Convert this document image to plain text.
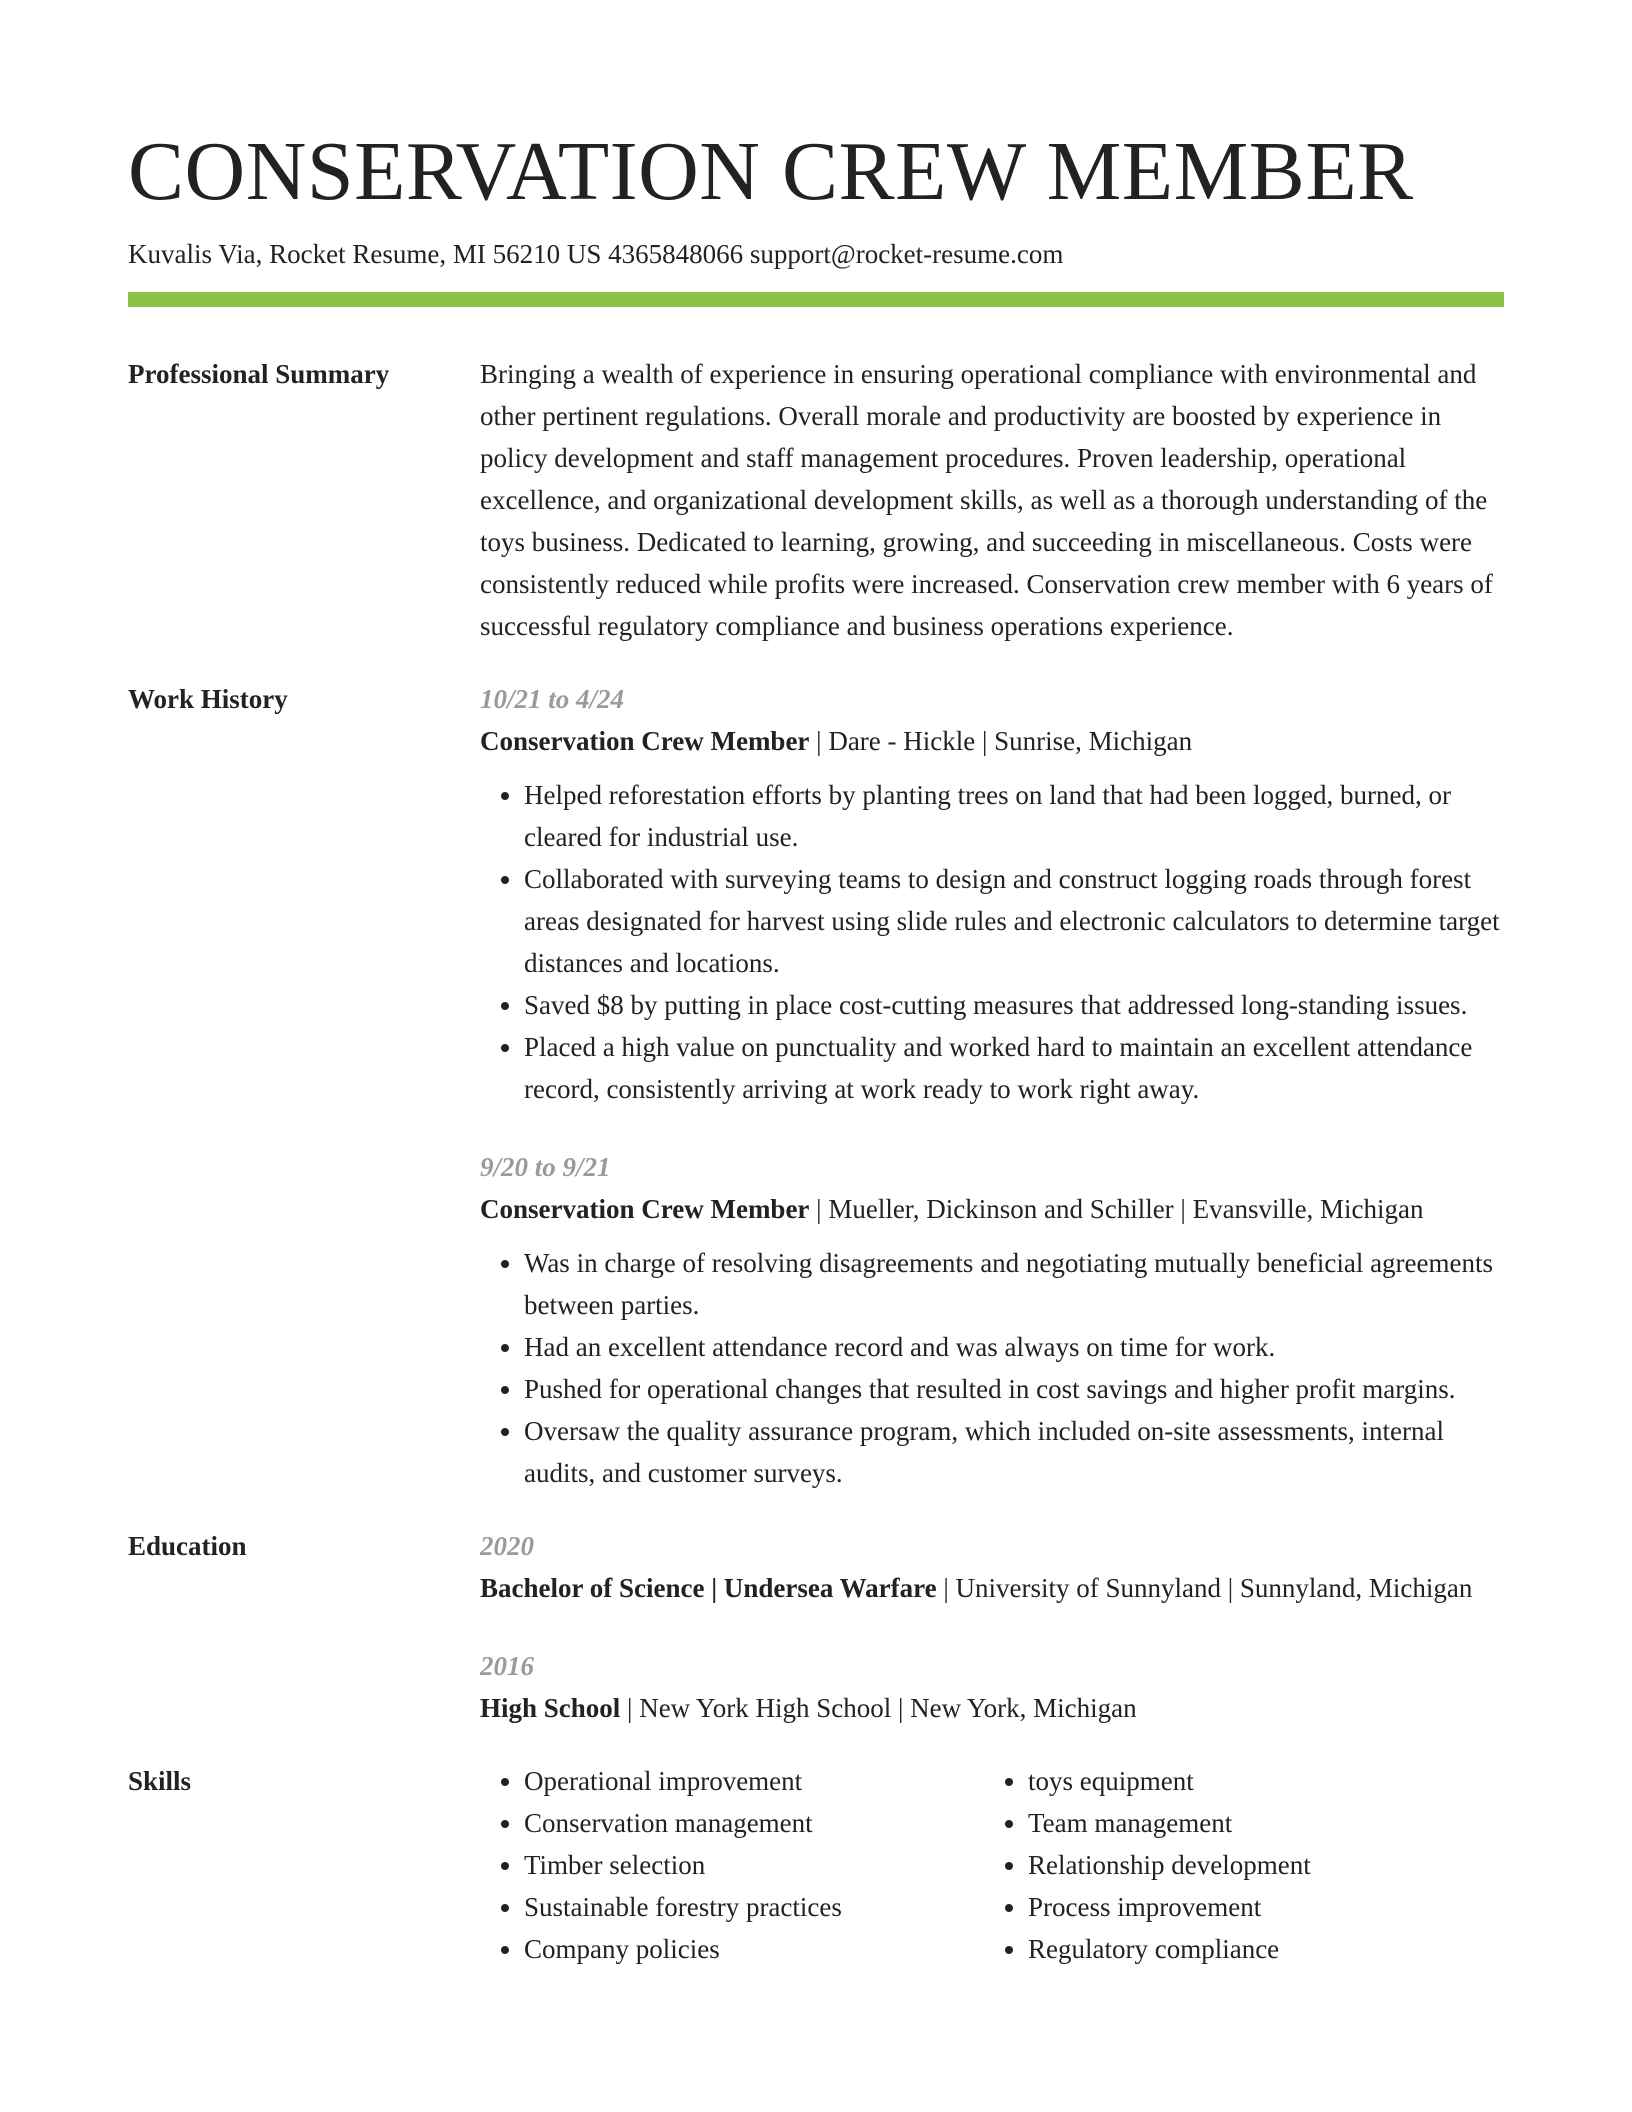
CONSERVATION CREW MEMBER
Kuvalis Via, Rocket Resume, MI 56210 US 4365848066 support@rocket-resume.com
Professional Summary	Bringing a wealth of experience in ensuring operational compliance with environmental and other pertinent regulations. Overall morale and productivity are boosted by experience in policy development and staff management procedures. Proven leadership, operational excellence, and organizational development skills, as well as a thorough understanding of the toys business. Dedicated to learning, growing, and succeeding in miscellaneous. Costs were consistently reduced while profits were increased. Conservation crew member with 6 years of successful regulatory compliance and business operations experience.

Work History	10/21 to 4/24
Conservation Crew Member | Dare - Hickle | Sunrise, Michigan
• Helped reforestation efforts by planting trees on land that had been logged, burned, or cleared for industrial use.
• Collaborated with surveying teams to design and construct logging roads through forest areas designated for harvest using slide rules and electronic calculators to determine target distances and locations.
• Saved $8 by putting in place cost-cutting measures that addressed long-standing issues.
• Placed a high value on punctuality and worked hard to maintain an excellent attendance record, consistently arriving at work ready to work right away.
9/20 to 9/21
Conservation Crew Member | Mueller, Dickinson and Schiller | Evansville, Michigan
• Was in charge of resolving disagreements and negotiating mutually beneficial agreements between parties.
• Had an excellent attendance record and was always on time for work.
• Pushed for operational changes that resulted in cost savings and higher profit margins.
• Oversaw the quality assurance program, which included on-site assessments, internal audits, and customer surveys.
Education	2020
Bachelor of Science | Undersea Warfare | University of Sunnyland | Sunnyland, Michigan
2016
High School | New York High School | New York, Michigan
Skills
•	Operational improvement
• Conservation management
• Timber selection
• Sustainable forestry practices
• Company policies
• toys equipment
• Team management
• Relationship development
• Process improvement
• Regulatory compliance
